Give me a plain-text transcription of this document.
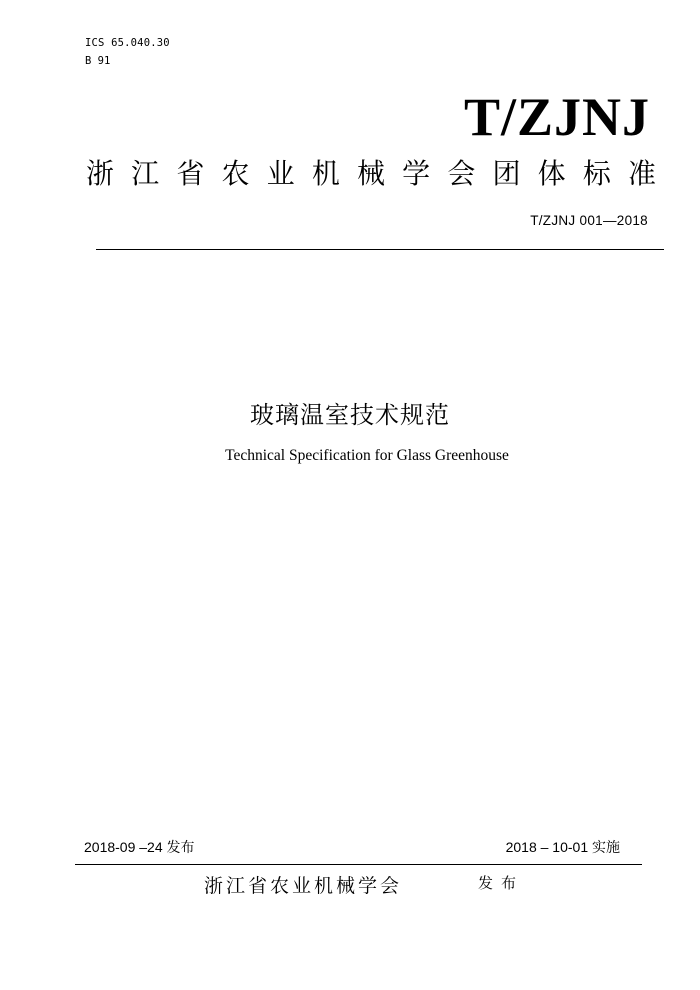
ICS 65.040.30
B 91
T/ZJNJ
浙江省农业机械学会团体标准
T/ZJNJ 001—2018
玻璃温室技术规范
Technical Specification for Glass Greenhouse
2018-09 –24 发布	2018 – 10-01 实施
浙江省农业机械学会	发布
